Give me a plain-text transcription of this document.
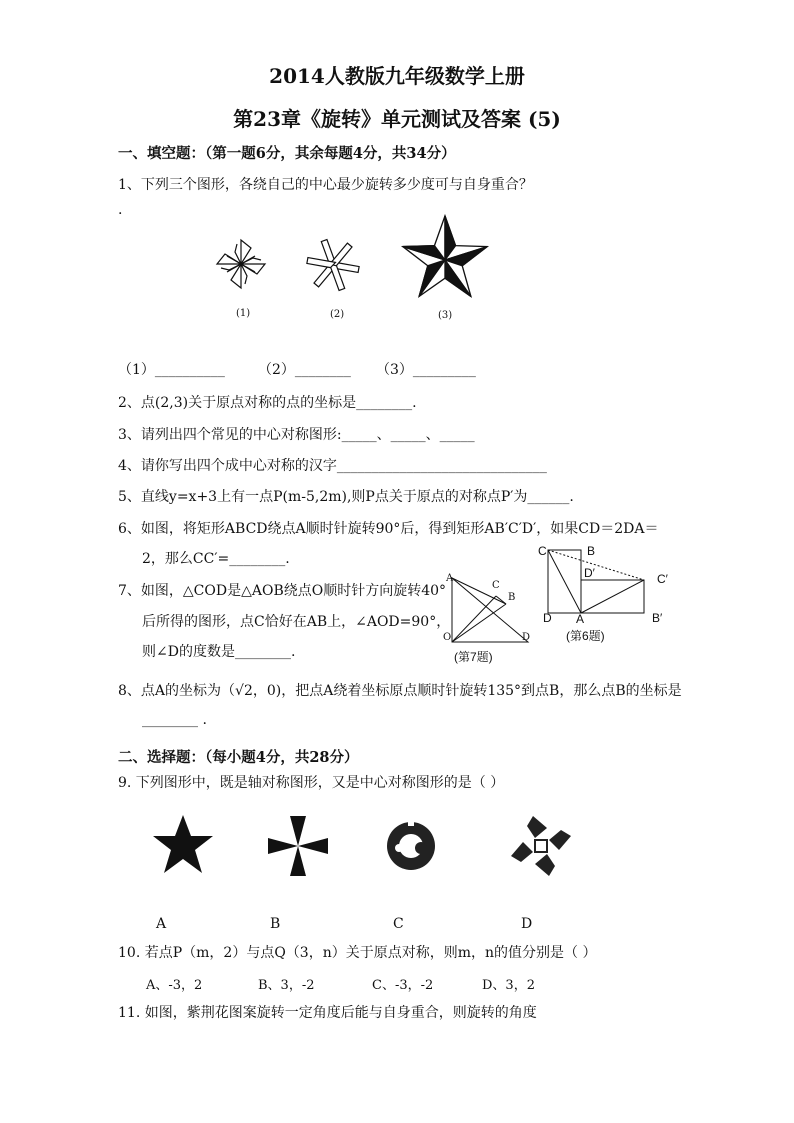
2014人教版九年级数学上册
第23章《旋转》单元测试及答案 (5)
一、填空题：（第一题6分，其余每题4分，共34分）
1、下列三个图形，各绕自己的中心最少旋转多少度可与自身重合？
.
(1)	(2)	(3)
（1）__________ （2）________ （3）_________
2、点(2,3)关于原点对称的点的坐标是________.
3、请列出四个常见的中心对称图形:_____、_____、_____
4、请你写出四个成中心对称的汉字______________________________
5、直线y=x+3上有一点P(m-5,2m),则P点关于原点的对称点P′为______.
6、如图，将矩形ABCD绕点A顺时针旋转90°后，得到矩形AB′C′D′，如果CD＝2DA＝
2，那么CC′=________.
7、如图，△COD是△AOB绕点O顺时针方向旋转40°
后所得的图形，点C恰好在AB上，∠AOD=90°，
则∠D的度数是________.
A
C
B
O	D
(第7题)
C	B
D′	C′
D A	B′
(第6题)
8、点A的坐标为（√2，0)，把点A绕着坐标原点顺时针旋转135°到点B，那么点B的坐标是
________ .
二、选择题：（每小题4分，共28分）
9. 下列图形中，既是轴对称图形，又是中心对称图形的是（ ）
A	B	C	D
10. 若点P（m，2）与点Q（3，n）关于原点对称，则m，n的值分别是（ ）
A、-3，2	B、3，-2	C、-3，-2	D、3，2
11. 如图，紫荆花图案旋转一定角度后能与自身重合，则旋转的角度
